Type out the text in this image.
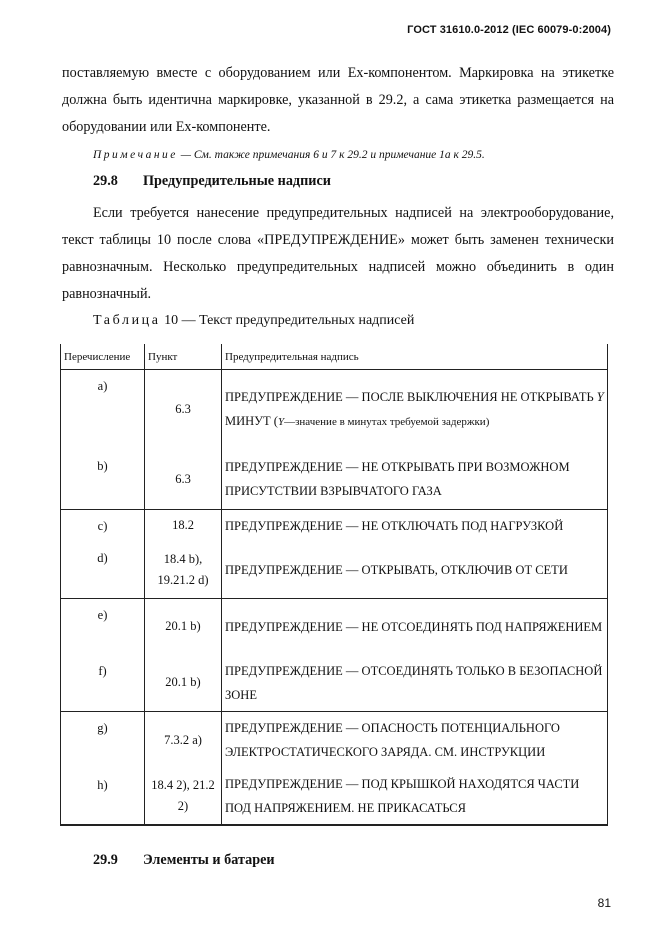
ГОСТ 31610.0-2012 (IEC 60079-0:2004)
поставляемую вместе с оборудованием или Ex-компонентом. Маркировка на этикетке должна быть идентична маркировке, указанной в 29.2, а сама этикетка размещается на оборудовании или Ex-компоненте.
Примечание — См. также примечания 6 и 7 к 29.2 и примечание 1а к 29.5.
29.8 Предупредительные надписи
Если требуется нанесение предупредительных надписей на электрооборудование, текст таблицы 10 после слова «ПРЕДУПРЕЖДЕНИЕ» может быть заменен технически равнозначным. Несколько предупредительных надписей можно объединить в один равнозначный.
Таблица 10 — Текст предупредительных надписей
Перечисление	Пункт	Предупредительная надпись
a)	6.3	ПРЕДУПРЕЖДЕНИЕ — ПОСЛЕ ВЫКЛЮЧЕНИЯ НЕ ОТКРЫВАТЬ Y МИНУТ (Y—значение в минутах требуемой задержки)
b)	6.3	ПРЕДУПРЕЖДЕНИЕ — НЕ ОТКРЫВАТЬ ПРИ ВОЗМОЖНОМ ПРИСУТСТВИИ ВЗРЫВЧАТОГО ГАЗА
c)	18.2	ПРЕДУПРЕЖДЕНИЕ — НЕ ОТКЛЮЧАТЬ ПОД НАГРУЗКОЙ
d)	18.4 b), 19.21.2 d)	ПРЕДУПРЕЖДЕНИЕ — ОТКРЫВАТЬ, ОТКЛЮЧИВ ОТ СЕТИ
e)	20.1 b)	ПРЕДУПРЕЖДЕНИЕ — НЕ ОТСОЕДИНЯТЬ ПОД НАПРЯЖЕНИЕМ
f)	20.1 b)	ПРЕДУПРЕЖДЕНИЕ — ОТСОЕДИНЯТЬ ТОЛЬКО В БЕЗОПАСНОЙ ЗОНЕ
g)	7.3.2 a)	ПРЕДУПРЕЖДЕНИЕ — ОПАСНОСТЬ ПОТЕНЦИАЛЬНОГО ЭЛЕКТРОСТАТИЧЕСКОГО ЗАРЯДА. СМ. ИНСТРУКЦИИ
h)	18.4 2), 21.2 2)	ПРЕДУПРЕЖДЕНИЕ — ПОД КРЫШКОЙ НАХОДЯТСЯ ЧАСТИ ПОД НАПРЯЖЕНИЕМ. НЕ ПРИКАСАТЬСЯ
29.9 Элементы и батареи
81
